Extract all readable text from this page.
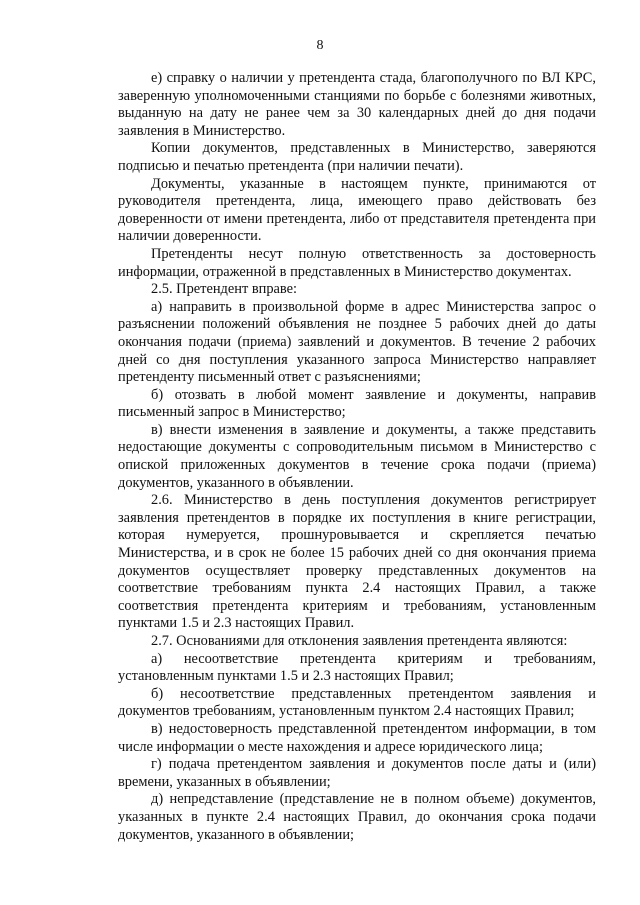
8

е) справку о наличии у претендента стада, благополучного по ВЛ КРС, заверенную уполномоченными станциями по борьбе с болезнями животных, выданную на дату не ранее чем за 30 календарных дней до дня подачи заявления в Министерство.

Копии документов, представленных в Министерство, заверяются подписью и печатью претендента (при наличии печати).

Документы, указанные в настоящем пункте, принимаются от руководителя претендента, лица, имеющего право действовать без доверенности от имени претендента, либо от представителя претендента при наличии доверенности.

Претенденты несут полную ответственность за достоверность информации, отраженной в представленных в Министерство документах.

2.5. Претендент вправе:

а) направить в произвольной форме в адрес Министерства запрос о разъяснении положений объявления не позднее 5 рабочих дней до даты окончания подачи (приема) заявлений и документов. В течение 2 рабочих дней со дня поступления указанного запроса Министерство направляет претенденту письменный ответ с разъяснениями;

б) отозвать в любой момент заявление и документы, направив письменный запрос в Министерство;

в) внести изменения в заявление и документы, а также представить недостающие документы с сопроводительным письмом в Министерство с опиской приложенных документов в течение срока подачи (приема) документов, указанного в объявлении.

2.6. Министерство в день поступления документов регистрирует заявления претендентов в порядке их поступления в книге регистрации, которая нумеруется, прошнуровывается и скрепляется печатью Министерства, и в срок не более 15 рабочих дней со дня окончания приема документов осуществляет проверку представленных документов на соответствие требованиям пункта 2.4 настоящих Правил, а также соответствия претендента критериям и требованиям, установленным пунктами 1.5 и 2.3 настоящих Правил.

2.7. Основаниями для отклонения заявления претендента являются:

а) несоответствие претендента критериям и требованиям, установленным пунктами 1.5 и 2.3 настоящих Правил;

б) несоответствие представленных претендентом заявления и документов требованиям, установленным пунктом 2.4 настоящих Правил;

в) недостоверность представленной претендентом информации, в том числе информации о месте нахождения и адресе юридического лица;

г) подача претендентом заявления и документов после даты и (или) времени, указанных в объявлении;

д) непредставление (представление не в полном объеме) документов, указанных в пункте 2.4 настоящих Правил, до окончания срока подачи документов, указанного в объявлении;
